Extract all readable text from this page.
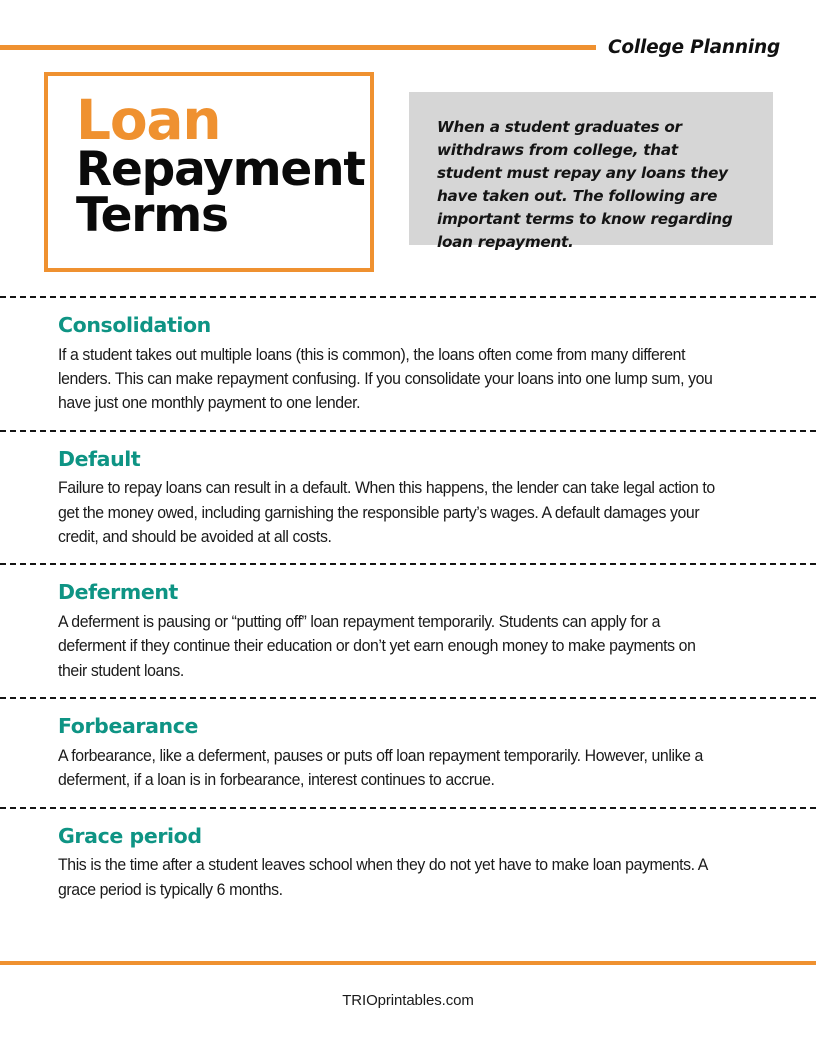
College Planning
Loan
Repayment
Terms
When a student graduates or withdraws from college, that student must repay any loans they have taken out. The following are important terms to know regarding loan repayment.
Consolidation

If a student takes out multiple loans (this is common), the loans often come from many different lenders. This can make repayment confusing. If you consolidate your loans into one lump sum, you have just one monthly payment to one lender.

Default

Failure to repay loans can result in a default. When this happens, the lender can take legal action to get the money owed, including garnishing the responsible party’s wages. A default damages your credit, and should be avoided at all costs.

Deferment

A deferment is pausing or “putting off” loan repayment temporarily. Students can apply for a deferment if they continue their education or don’t yet earn enough money to make payments on their student loans.

Forbearance

A forbearance, like a deferment, pauses or puts off loan repayment temporarily. However, unlike a deferment, if a loan is in forbearance, interest continues to accrue.

Grace period

This is the time after a student leaves school when they do not yet have to make loan payments. A grace period is typically 6 months.

TRIOprintables.com
